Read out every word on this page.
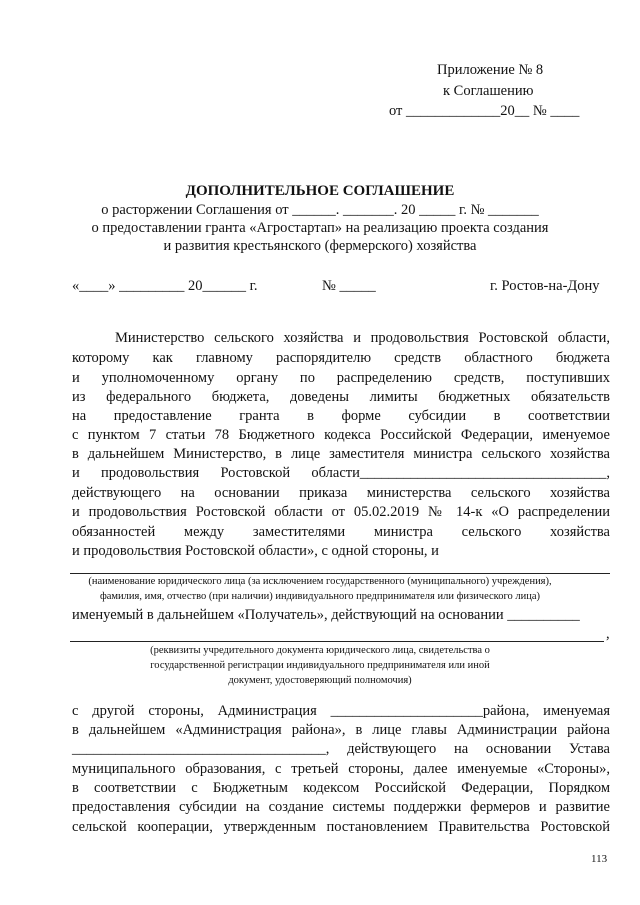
Приложение № 8
к Соглашению
от _____________20__ № ____
ДОПОЛНИТЕЛЬНОЕ СОГЛАШЕНИЕ
о расторжении Соглашения от ______. _______. 20 _____ г. № _______
о предоставлении гранта «Агростартап» на реализацию проекта создания
и развития крестьянского (фермерского) хозяйства
«____» _________ 20______ г.	№ _____	г. Ростов-на-Дону
Министерство сельского хозяйства и продовольствия Ростовской области,
которому как главному распорядителю средств областного бюджета
и уполномоченному органу по распределению средств, поступивших
из федерального бюджета, доведены лимиты бюджетных обязательств
на предоставление гранта в форме субсидии в соответствии
с пунктом 7 статьи 78 Бюджетного кодекса Российской Федерации, именуемое
в дальнейшем Министерство, в лице заместителя министра сельского хозяйства
и продовольствия Ростовской области__________________________________,
действующего на основании приказа министерства сельского хозяйства
и продовольствия Ростовской области от 05.02.2019 № 14-к «О распределении
обязанностей между заместителями министра сельского хозяйства
и продовольствия Ростовской области», с одной стороны, и
(наименование юридического лица (за исключением государственного (муниципального) учреждения),
фамилия, имя, отчество (при наличии) индивидуального предпринимателя или физического лица)
именуемый в дальнейшем «Получатель», действующий на основании __________
,
(реквизиты учредительного документа юридического лица, свидетельства о
государственной регистрации индивидуального предпринимателя или иной
документ, удостоверяющий полномочия)
с другой стороны, Администрация _____________________района, именуемая
в дальнейшем «Администрация района», в лице главы Администрации района
___________________________________, действующего на основании Устава
муниципального образования, с третьей стороны, далее именуемые «Стороны»,
в соответствии с Бюджетным кодексом Российской Федерации, Порядком
предоставления субсидии на создание системы поддержки фермеров и развитие
сельской кооперации, утвержденным постановлением Правительства Ростовской
113
